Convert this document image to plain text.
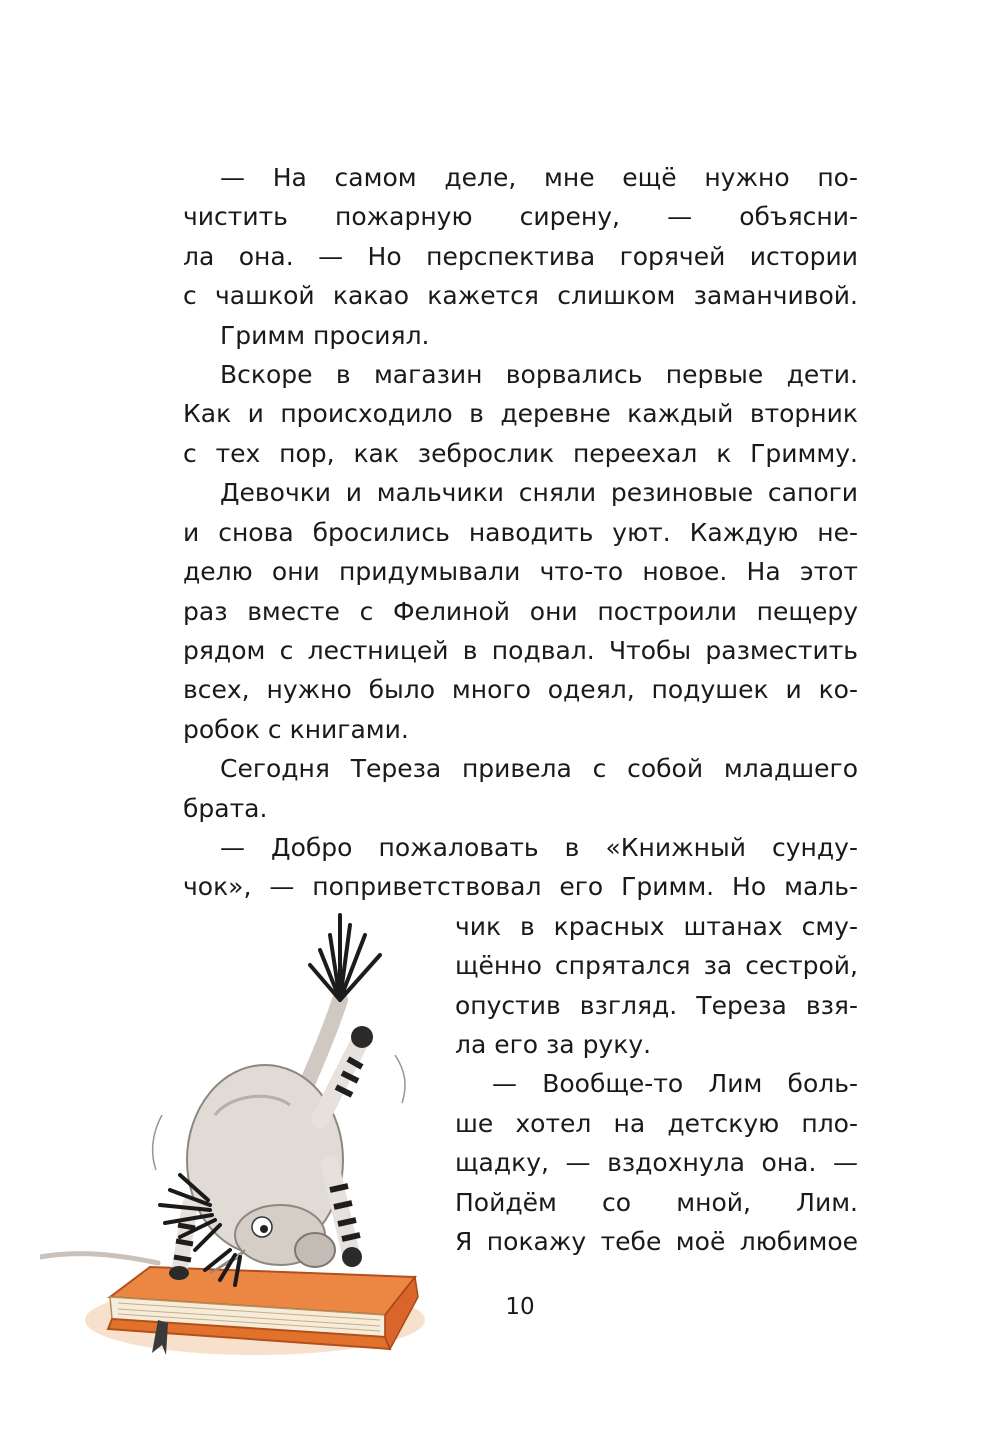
— На самом деле, мне ещё нужно по-
чистить пожарную сирену, — объясни-
ла она. — Но перспектива горячей истории
с чашкой какао кажется слишком заманчивой.
Гримм просиял.
Вскоре в магазин ворвались первые дети.
Как и происходило в деревне каждый вторник
с тех пор, как зеброслик переехал к Гримму.
Девочки и мальчики сняли резиновые сапоги
и снова бросились наводить уют. Каждую не-
делю они придумывали что-то новое. На этот
раз вместе с Фелиной они построили пещеру
рядом с лестницей в подвал. Чтобы разместить
всех, нужно было много одеял, подушек и ко-
робок с книгами.
Сегодня Тереза привела с собой младшего
брата.
— Добро пожаловать в «Книжный сунду-
чок», — поприветствовал его Гримм. Но маль-
чик в красных штанах сму-
щённо спрятался за сестрой,
опустив взгляд. Тереза взя-
ла его за руку.
— Вообще-то Лим боль-
ше хотел на детскую пло-
щадку, — вздохнула она. —
Пойдём со мной, Лим.
Я покажу тебе моё любимое
10
